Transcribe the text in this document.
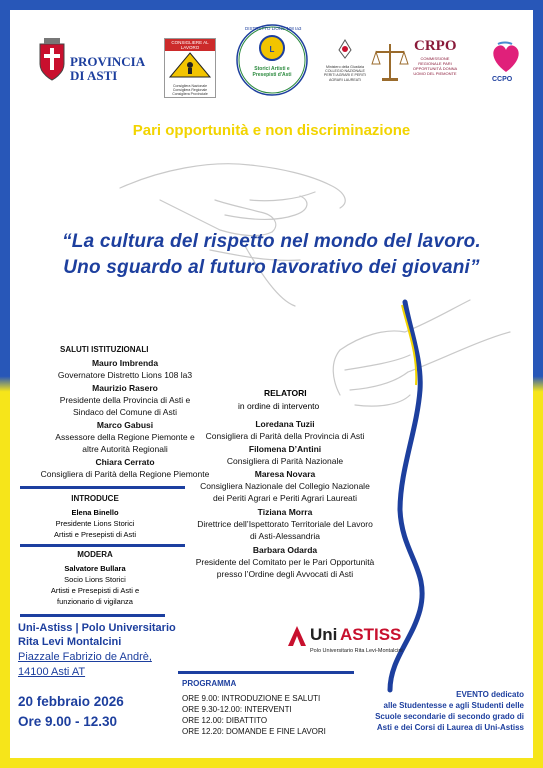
PROVINCIA
DI ASTI
CONSIGLIERE AL LAVORO
Consigliera Nazionale Consigliera Regionale Consigliera Provinciale
L
DISTRETTO LIONS 108 Ia3
Storici Artisti e Presepisti d'Asti
Ministero della Giustizia COLLEGIO NAZIONALE PERITI AGRARI E PERITI AGRARI LAUREATI
CRPO
COMMISSIONE REGIONALE PARI OPPORTUNITÀ DONNA UOMO DEL PIEMONTE
CCPO
Pari opportunità e non discriminazione
“La cultura del rispetto nel mondo del lavoro.
Uno sguardo al futuro lavorativo dei giovani”
SALUTI ISTITUZIONALI
Mauro Imbrenda
Governatore Distretto Lions 108 la3
Maurizio Rasero
Presidente della Provincia di Asti e
Sindaco del Comune di Asti
Marco Gabusi
Assessore della Regione Piemonte e
altre Autorità Regionali
Chiara Cerrato
Consigliera di Parità della Regione Piemonte
INTRODUCE
Elena Binello
Presidente Lions Storici
Artisti e Presepisti di Asti
MODERA
Salvatore Bullara
Socio Lions Storici
Artisti e Presepisti di Asti e
funzionario di vigilanza
RELATORI
in ordine di intervento
Loredana Tuzii
Consigliera di Parità della Provincia di Asti
Filomena D’Antini
Consigliera di Parità Nazionale
Maresa Novara
Consigliera Nazionale del Collegio Nazionale
dei Periti Agrari e Periti Agrari Laureati
Tiziana Morra
Direttrice dell’Ispettorato Territoriale del Lavoro
di Asti-Alessandria
Barbara Odarda
Presidente del Comitato per le Pari Opportunità
presso l’Ordine degli Avvocati di Asti
Uni-Astiss | Polo Universitario
Rita Levi Montalcini
Piazzale Fabrizio de Andrè,
14100 Asti AT
Uni ASTISS
Polo Universitario Rita Levi-Montalcini
20 febbraio 2026
Ore 9.00 - 12.30
PROGRAMMA
ORE 9.00: INTRODUZIONE E SALUTI
ORE 9.30-12.00: INTERVENTI
ORE 12.00: DIBATTITO
ORE 12.20: DOMANDE E FINE LAVORI
EVENTO dedicato
alle Studentesse e agli Studenti delle
Scuole secondarie di secondo grado di
Asti e dei Corsi di Laurea di Uni-Astiss
